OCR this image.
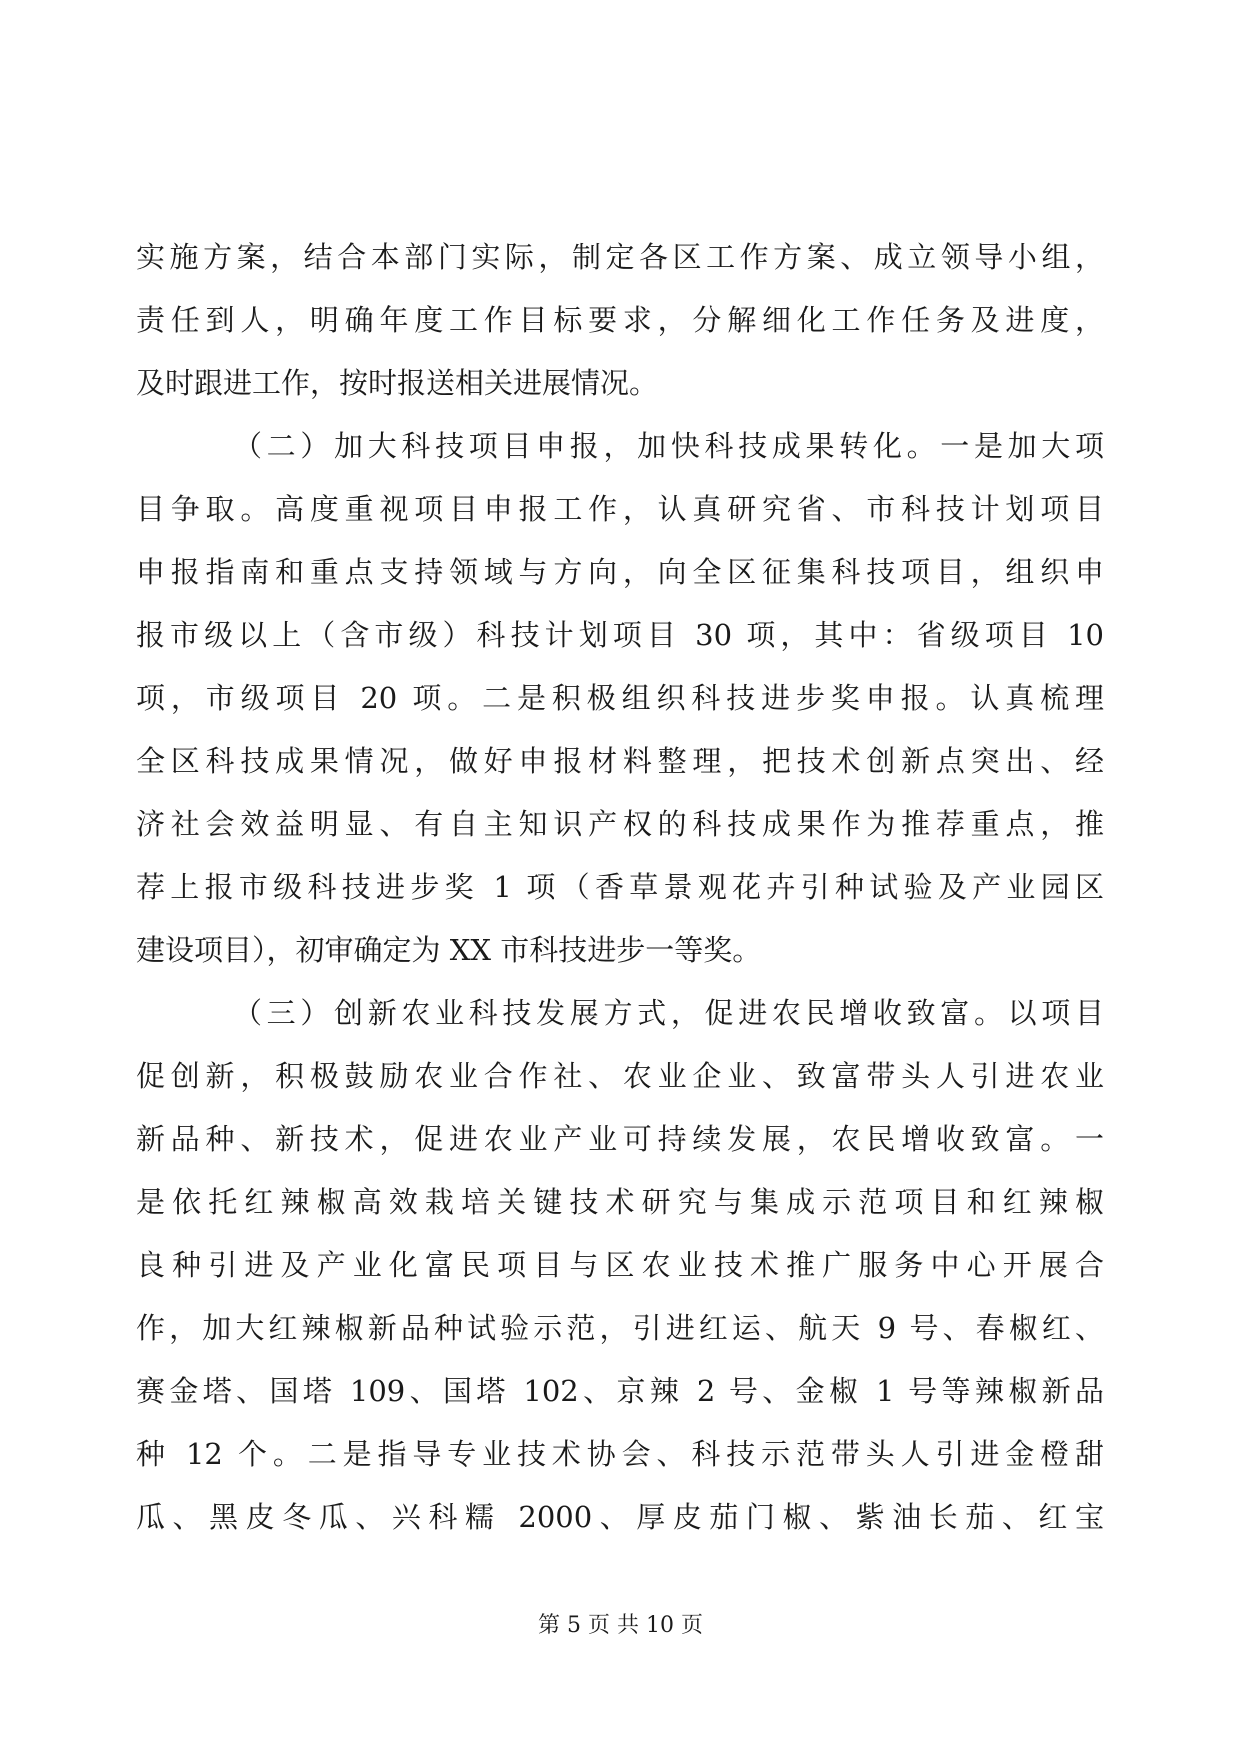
实施方案，结合本部门实际，制定各区工作方案、成立领导小组，
责任到人，明确年度工作目标要求，分解细化工作任务及进度，
及时跟进工作，按时报送相关进展情况。
（二）加大科技项目申报，加快科技成果转化。一是加大项
目争取。高度重视项目申报工作，认真研究省、市科技计划项目
申报指南和重点支持领域与方向，向全区征集科技项目，组织申
报市级以上（含市级）科技计划项目 30 项，其中：省级项目 10
项，市级项目 20 项。二是积极组织科技进步奖申报。认真梳理
全区科技成果情况，做好申报材料整理，把技术创新点突出、经
济社会效益明显、有自主知识产权的科技成果作为推荐重点，推
荐上报市级科技进步奖 1 项（香草景观花卉引种试验及产业园区
建设项目），初审确定为 XX 市科技进步一等奖。
（三）创新农业科技发展方式，促进农民增收致富。以项目
促创新，积极鼓励农业合作社、农业企业、致富带头人引进农业
新品种、新技术，促进农业产业可持续发展，农民增收致富。一
是依托红辣椒高效栽培关键技术研究与集成示范项目和红辣椒
良种引进及产业化富民项目与区农业技术推广服务中心开展合
作，加大红辣椒新品种试验示范，引进红运、航天 9 号、春椒红、
赛金塔、国塔 109、国塔 102、京辣 2 号、金椒 1 号等辣椒新品
种 12 个。二是指导专业技术协会、科技示范带头人引进金橙甜
瓜、黑皮冬瓜、兴科糯 2000、厚皮茄门椒、紫油长茄、红宝
第 5 页 共 10 页
